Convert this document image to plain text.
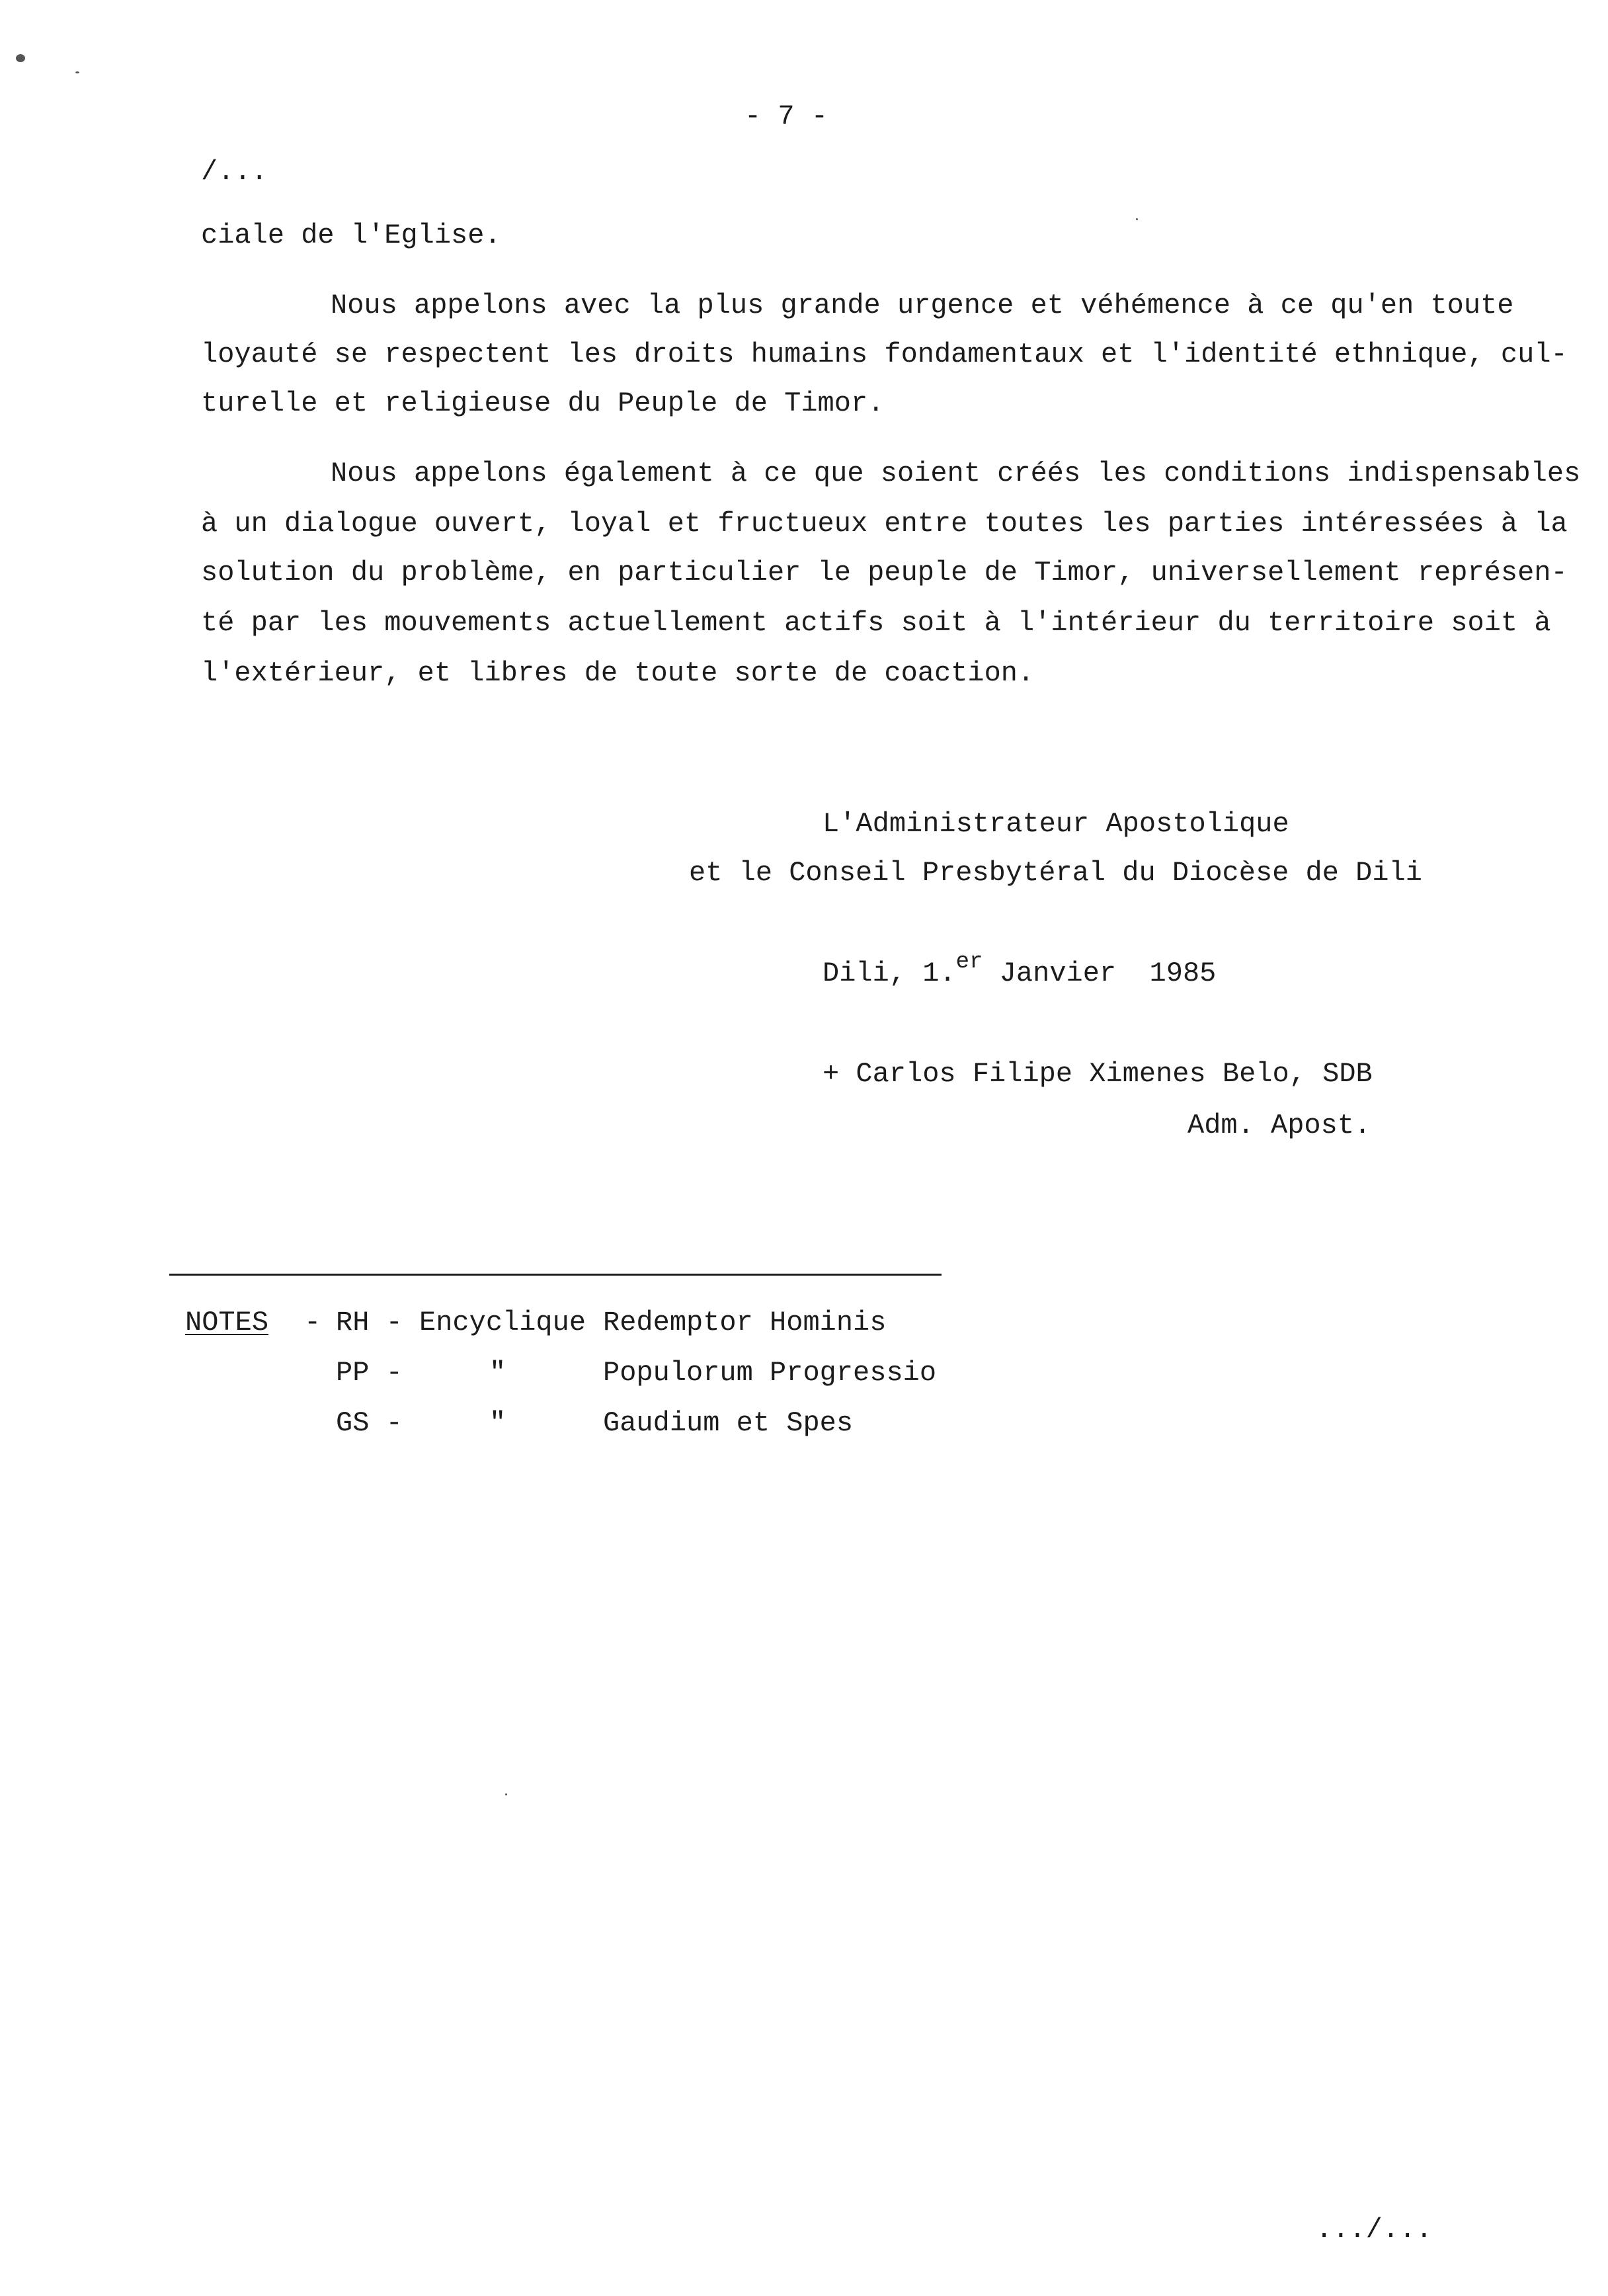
- 7 -
/...
ciale de l'Eglise.
Nous appelons avec la plus grande urgence et véhémence à ce qu'en toute
loyauté se respectent les droits humains fondamentaux et l'identité ethnique, cul-
turelle et religieuse du Peuple de Timor.
Nous appelons également à ce que soient créés les conditions indispensables
à un dialogue ouvert, loyal et fructueux entre toutes les parties intéressées à la
solution du problème, en particulier le peuple de Timor, universellement représen-
té par les mouvements actuellement actifs soit à l'intérieur du territoire soit à
l'extérieur, et libres de toute sorte de coaction.
L'Administrateur Apostolique
et le Conseil Presbytéral du Diocèse de Dili
Dili, 1.$^{er}$ Janvier  1985
+ Carlos Filipe Ximenes Belo, SDB
Adm. Apost.
NOTES - RH - Encyclique Redemptor Hominis
PP -	"	Populorum Progressio
GS -	"	Gaudium et Spes
.../...
